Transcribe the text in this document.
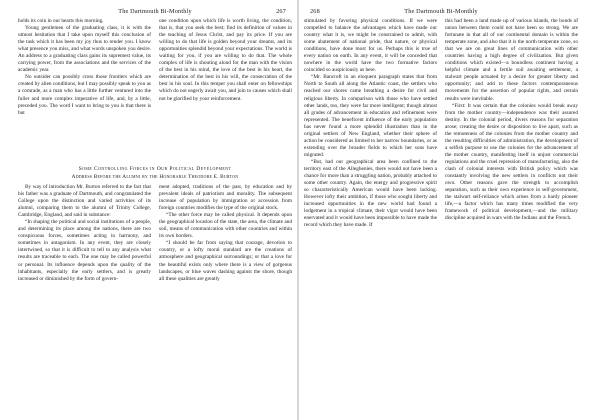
The Dartmouth Bi-Monthly	267

holds its coin in our hearts this morning.

Young gentlemen of the graduating class, it is with the utmost hesitation that I take upon myself this conclusion of the task which it has been my joy thus to render you. I know what presence you miss, and what words unspoken you desire. An address to a graduating class gains its supremest value, its carrying power, from the associations and the services of the academic year.

No outsider can possibly cross those frontiers which are created by alien conditions, but I may possibly speak to you as a comrade, as a man who has a little further ventured into the fuller and more complex imperative of life, and, by a little, preceded you. The word I want to bring to you is that there is but

one condition upon which life is worth living, the condition, that is, that you seek the best; find its definition of values in the teaching of Jesus Christ, and pay its price. If you are willing to do that life is golden beyond your dreams, and its opportunities splendid beyond your expectations. The world is waiting for you, if you are willing to do that. The whole complex of life is shouting aloud for the man with the vision of the best in his mind, the love of the best in his heart, the determination of the best in his will, the consecration of the best in his soul. In this temper you shall enter on fellowships which do not eagerly await you, and join to causes which shall not be glorified by your reinforcement.

Some Controlling Forces in Our Political Development
Address Before the Alumni by the Honorable Theodore E. Burton

By way of introduction Mr. Burton referred to the fact that his father was a graduate of Dartmouth, and congratulated the College upon the distinction and varied activities of its alumni, comparing them to the alumni of Trinity College, Cambridge, England, and said in substance:

“In shaping the political and social institutions of a people, and determining its place among the nations, there are two conspicuous forces, sometimes acting in harmony, and sometimes in antagonism. In any event, they are closely intertwined, so that it is difficult to tell to any analysis what results are traceable to each. The one may be called powerful or personal. Its influence depends upon the quality of the inhabitants, especially the early settlers, and is greatly increased or diminished by the form of govern-

ment adopted, traditions of the past, by education and by prevalent ideals of patriotism and morality. The subsequent increase of population by immigration or accession from foreign countries modifies the type of the original stock.

“The other force may be called physical. It depends upon the geographical location of the state, the area, the climate and soil, means of communication with other countries and within its own borders.

“I should be far from saying that courage, devotion to country, or a lofty moral standard are the creations of atmosphere and geographical surroundings; or that a love for the beautiful exists only where there is a view of gorgeous landscapes, or blue waves dashing against the shore, though all these qualities are greatly

268	The Dartmouth Bi-Monthly

stimulated by favoring physical conditions. If we were compelled to balance the advantages which have made our country what it is, we might be constrained to admit, with some abatement of national pride, that nature, or physical conditions, have done most for us. Perhaps this is true of every nation on earth. In any event, it will be conceded that nowhere in the world have the two formative factors coincided so auspiciously as here.

“Mr. Bancroft in an eloquent paragraph states that from North to South all along the Atlantic coast, the settlers who reached our shores came breathing a desire for civil and religious liberty. In comparison with those who have settled other lands, too, they were far more intelligent; though almost all grades of advancement in education and refinement were represented. The beneficent influence of the early population has never found a more splendid illustration than in the original settlers of New England, whether their sphere of action be considered as limited to her narrow boundaries, or as extending over the broader fields to which her sons have migrated.

“But, had our geographical area been confined to the territory east of the Alleghenies, there would not have been a chance for more than a struggling nation, probably attached to some other country. Again, the energy and progressive spirit so characteristically American would have been lacking. However lofty their ambition, if those who sought liberty and increased opportunities in the new world had found a lodgement in a tropical climate, their vigor would have been enervated and it would have been impossible to have made the record which they have made. If

this had been a land made up of various islands, the bonds of union between them could not have been so strong. We are fortunate in that all of our continental domain is within the temperate zone, and also that it is the north temperate zone, so that we are on great lines of communication with other countries having a high degree of civilization. But given conditions which existed—a boundless continent having a helpful climate and a fertile soil awaiting settlement, a stalwart people actuated by a desire for greater liberty and opportunity; and add to these factors contemporaneous movements for the assertion of popular rights, and certain results were inevitable.

“First: It was certain that the colonies would break away from the mother country—independence was their assured destiny. In the colonial period, divers reasons for separation arose; creating the desire or disposition to live apart, such as the remoteness of the colonies from the mother country and the resulting difficulties of administration, the development of a selfish purpose to use the colonies for the advancement of the mother country, manifesting itself in unjust commercial regulations and the cruel repression of manufacturing, also the clash of colonial interests with British policy which was constantly involving the new settlers in conflicts not their own. Other reasons gave the strength to accomplish separation, such as their own experience in self-government, the stalwart self-reliance which arises from a hardy pioneer life,—a factor which has many times modified the very framework of political development,—and the military discipline acquired in wars with the Indians and the French.
